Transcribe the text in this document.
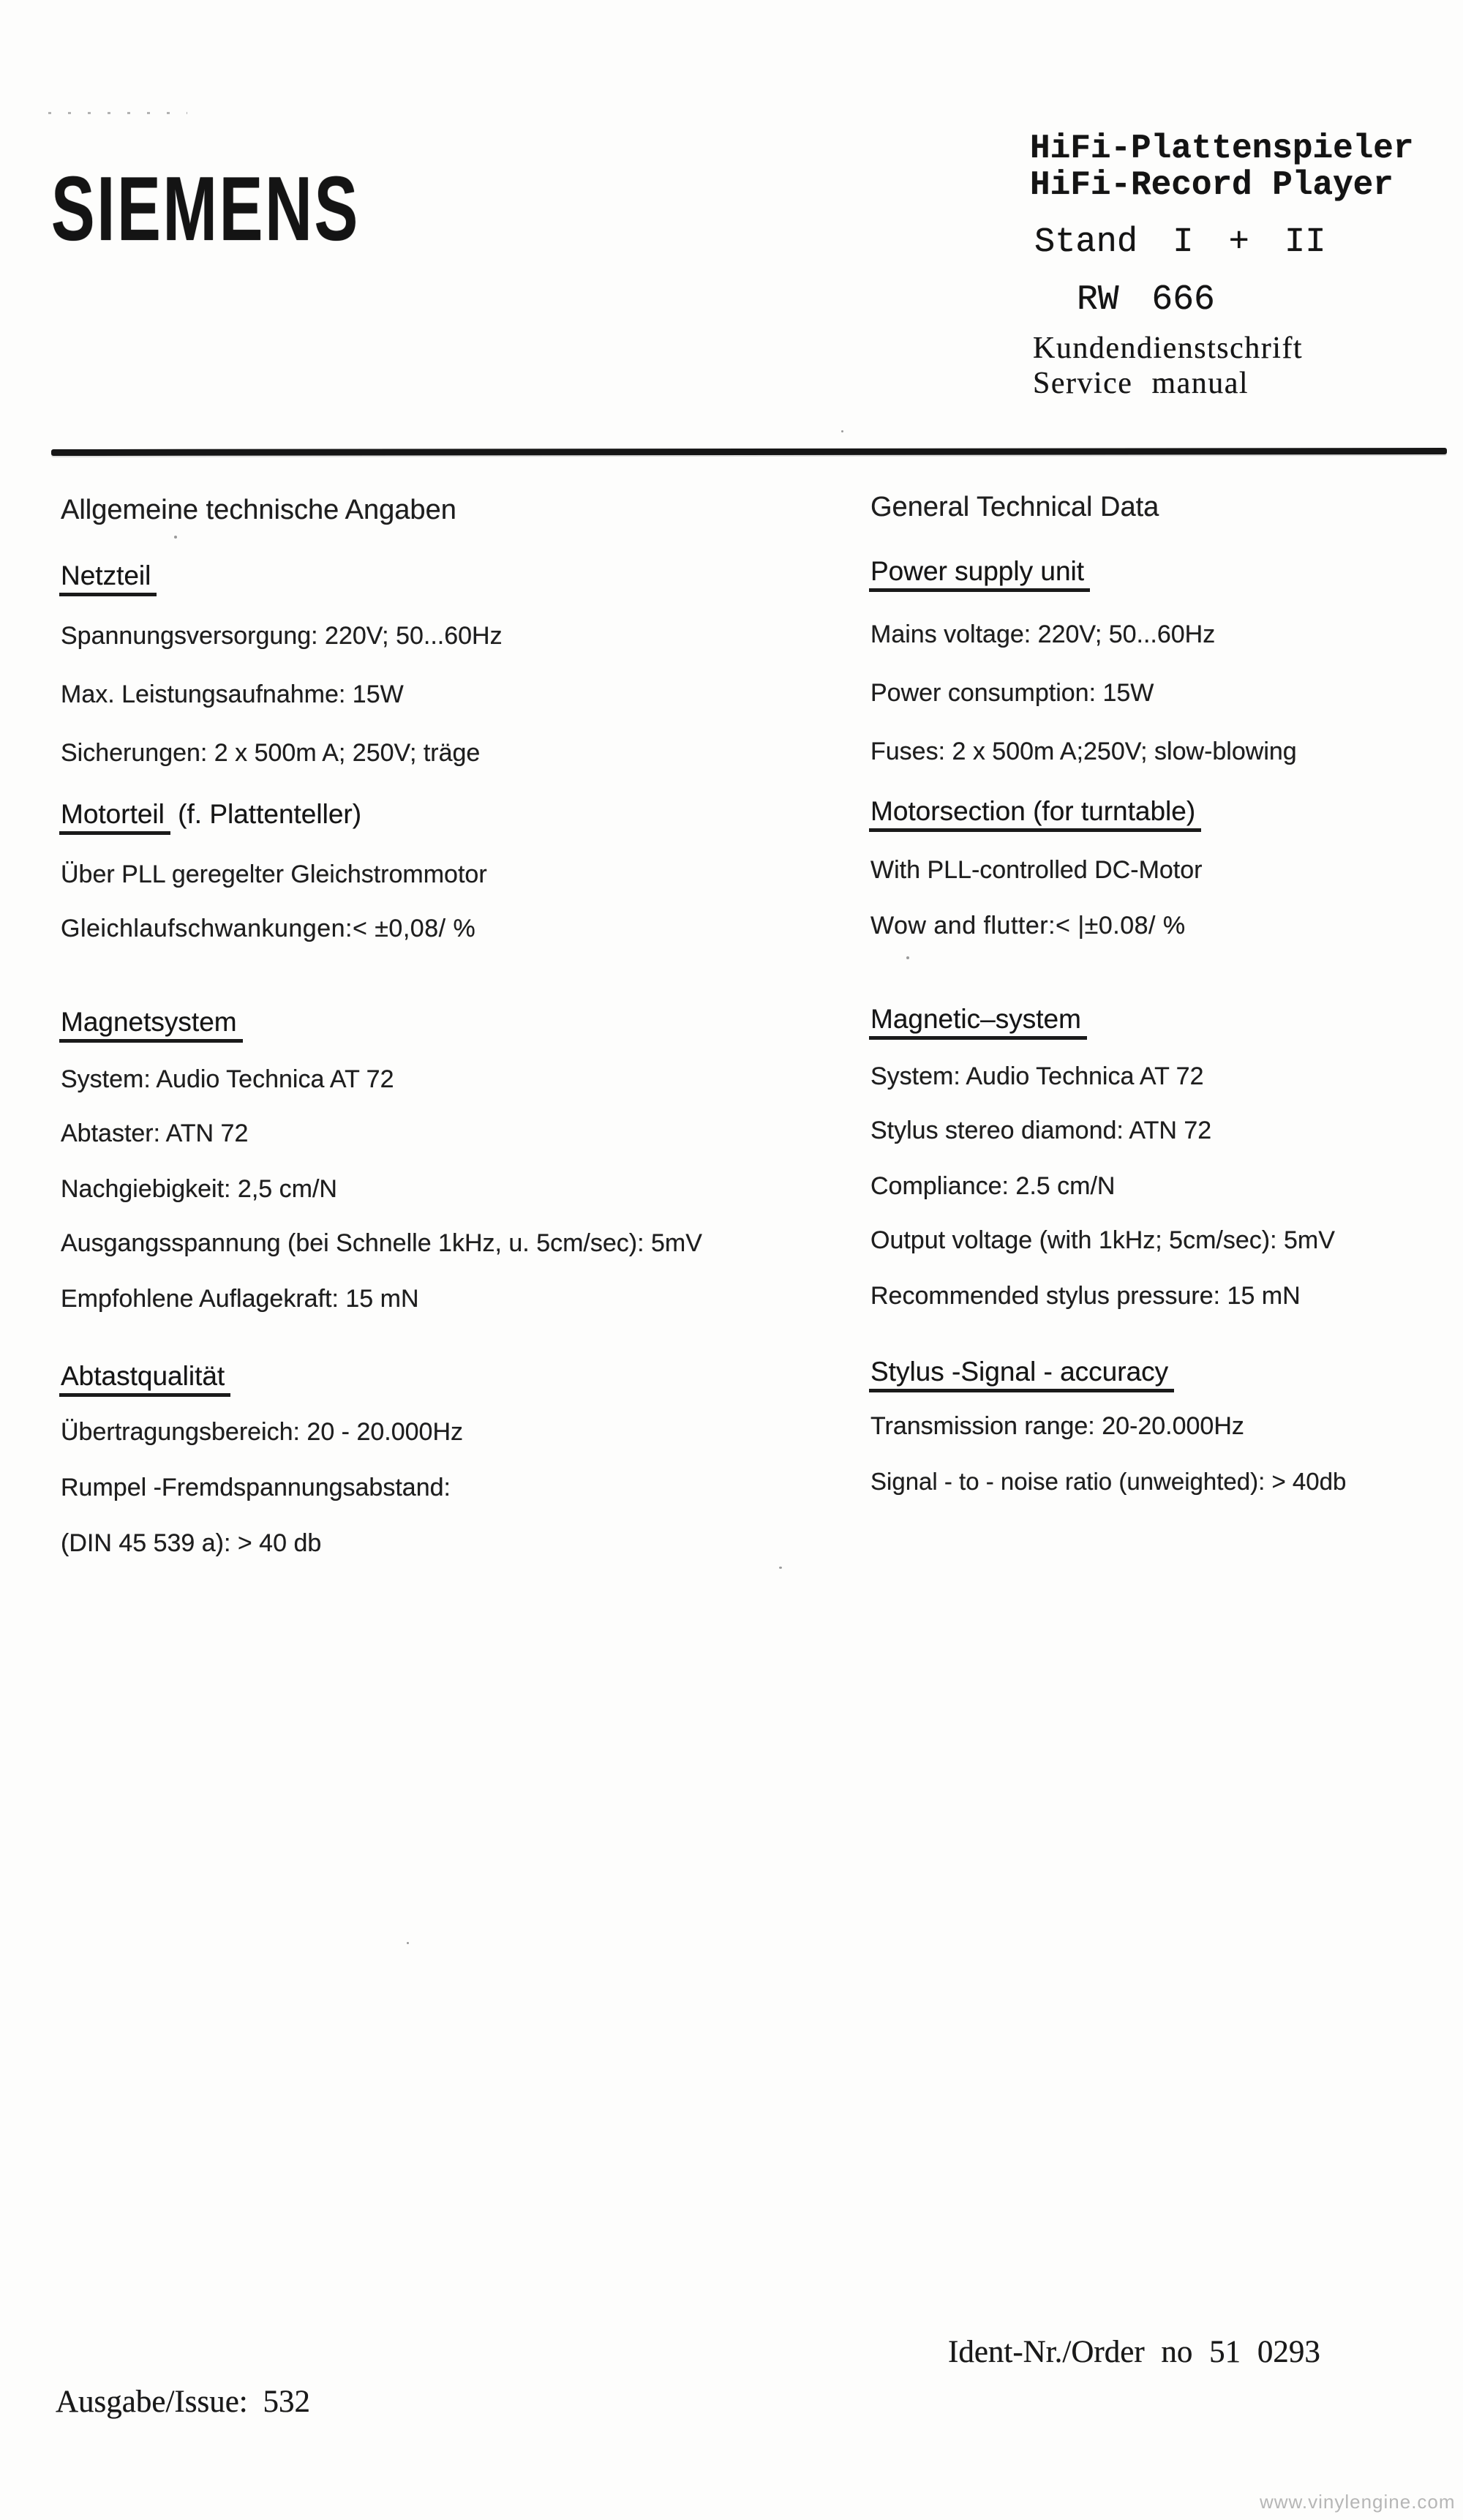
SIEMENS
HiFi-Plattenspieler
HiFi-Record Player
Stand I + II
RW 666
Kundendienstschrift
Service manual
Allgemeine technische Angaben
Netzteil
Spannungsversorgung: 220V; 50...60Hz
Max. Leistungsaufnahme: 15W
Sicherungen: 2 x 500m A; 250V; träge
Motorteil (f. Plattenteller)
Über PLL geregelter Gleichstrommotor
Gleichlaufschwankungen:< ±0,08/ %
Magnetsystem
System: Audio Technica AT 72
Abtaster: ATN 72
Nachgiebigkeit: 2,5 cm/N
Ausgangsspannung (bei Schnelle 1kHz, u. 5cm/sec): 5mV
Empfohlene Auflagekraft: 15 mN
Abtastqualität
Übertragungsbereich: 20 - 20.000Hz
Rumpel -Fremdspannungsabstand:
(DIN 45 539 a): > 40 db
General Technical Data
Power supply unit
Mains voltage: 220V; 50...60Hz
Power consumption: 15W
Fuses: 2 x 500m A;250V; slow-blowing
Motorsection (for turntable)
With PLL-controlled DC-Motor
Wow and flutter:< |±0.08/ %
Magnetic–system
System: Audio Technica AT 72
Stylus stereo diamond: ATN 72
Compliance: 2.5 cm/N
Output voltage (with 1kHz; 5cm/sec): 5mV
Recommended stylus pressure: 15 mN
Stylus -Signal - accuracy
Transmission range: 20-20.000Hz
Signal - to - noise ratio (unweighted): > 40db
Ident-Nr./Order no 51 0293
Ausgabe/Issue: 532
www.vinylengine.com
